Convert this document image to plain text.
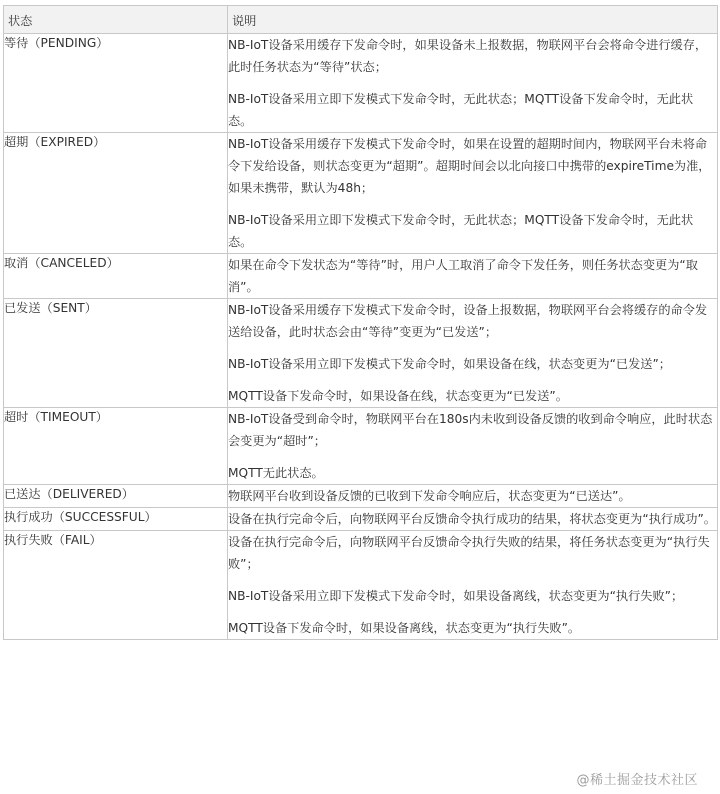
状态	说明
等待（PENDING）	NB-IoT设备采用缓存下发命令时，如果设备未上报数据，物联网平台会将命令进行缓存，此时任务状态为“等待”状态；

NB-IoT设备采用立即下发模式下发命令时，无此状态；MQTT设备下发命令时，无此状态。

超期（EXPIRED）	NB-IoT设备采用缓存下发模式下发命令时，如果在设置的超期时间内，物联网平台未将命令下发给设备，则状态变更为“超期”。超期时间会以北向接口中携带的expireTime为准，如果未携带，默认为48h；

NB-IoT设备采用立即下发模式下发命令时，无此状态；MQTT设备下发命令时，无此状态。

取消（CANCELED）	如果在命令下发状态为“等待”时，用户人工取消了命令下发任务，则任务状态变更为“取消”。

已发送（SENT）	NB-IoT设备采用缓存下发模式下发命令时，设备上报数据，物联网平台会将缓存的命令发送给设备，此时状态会由“等待”变更为“已发送”；

NB-IoT设备采用立即下发模式下发命令时，如果设备在线，状态变更为“已发送”；

MQTT设备下发命令时，如果设备在线，状态变更为“已发送”。

超时（TIMEOUT）	NB-IoT设备受到命令时，物联网平台在180s内未收到设备反馈的收到命令响应，此时状态会变更为“超时”；

MQTT无此状态。

已送达（DELIVERED）	物联网平台收到设备反馈的已收到下发命令响应后，状态变更为“已送达”。

执行成功（SUCCESSFUL）	设备在执行完命令后，向物联网平台反馈命令执行成功的结果，将状态变更为“执行成功”。

执行失败（FAIL）	设备在执行完命令后，向物联网平台反馈命令执行失败的结果，将任务状态变更为“执行失败”；

NB-IoT设备采用立即下发模式下发命令时，如果设备离线，状态变更为“执行失败”；

MQTT设备下发命令时，如果设备离线，状态变更为“执行失败”。

@稀土掘金技术社区
